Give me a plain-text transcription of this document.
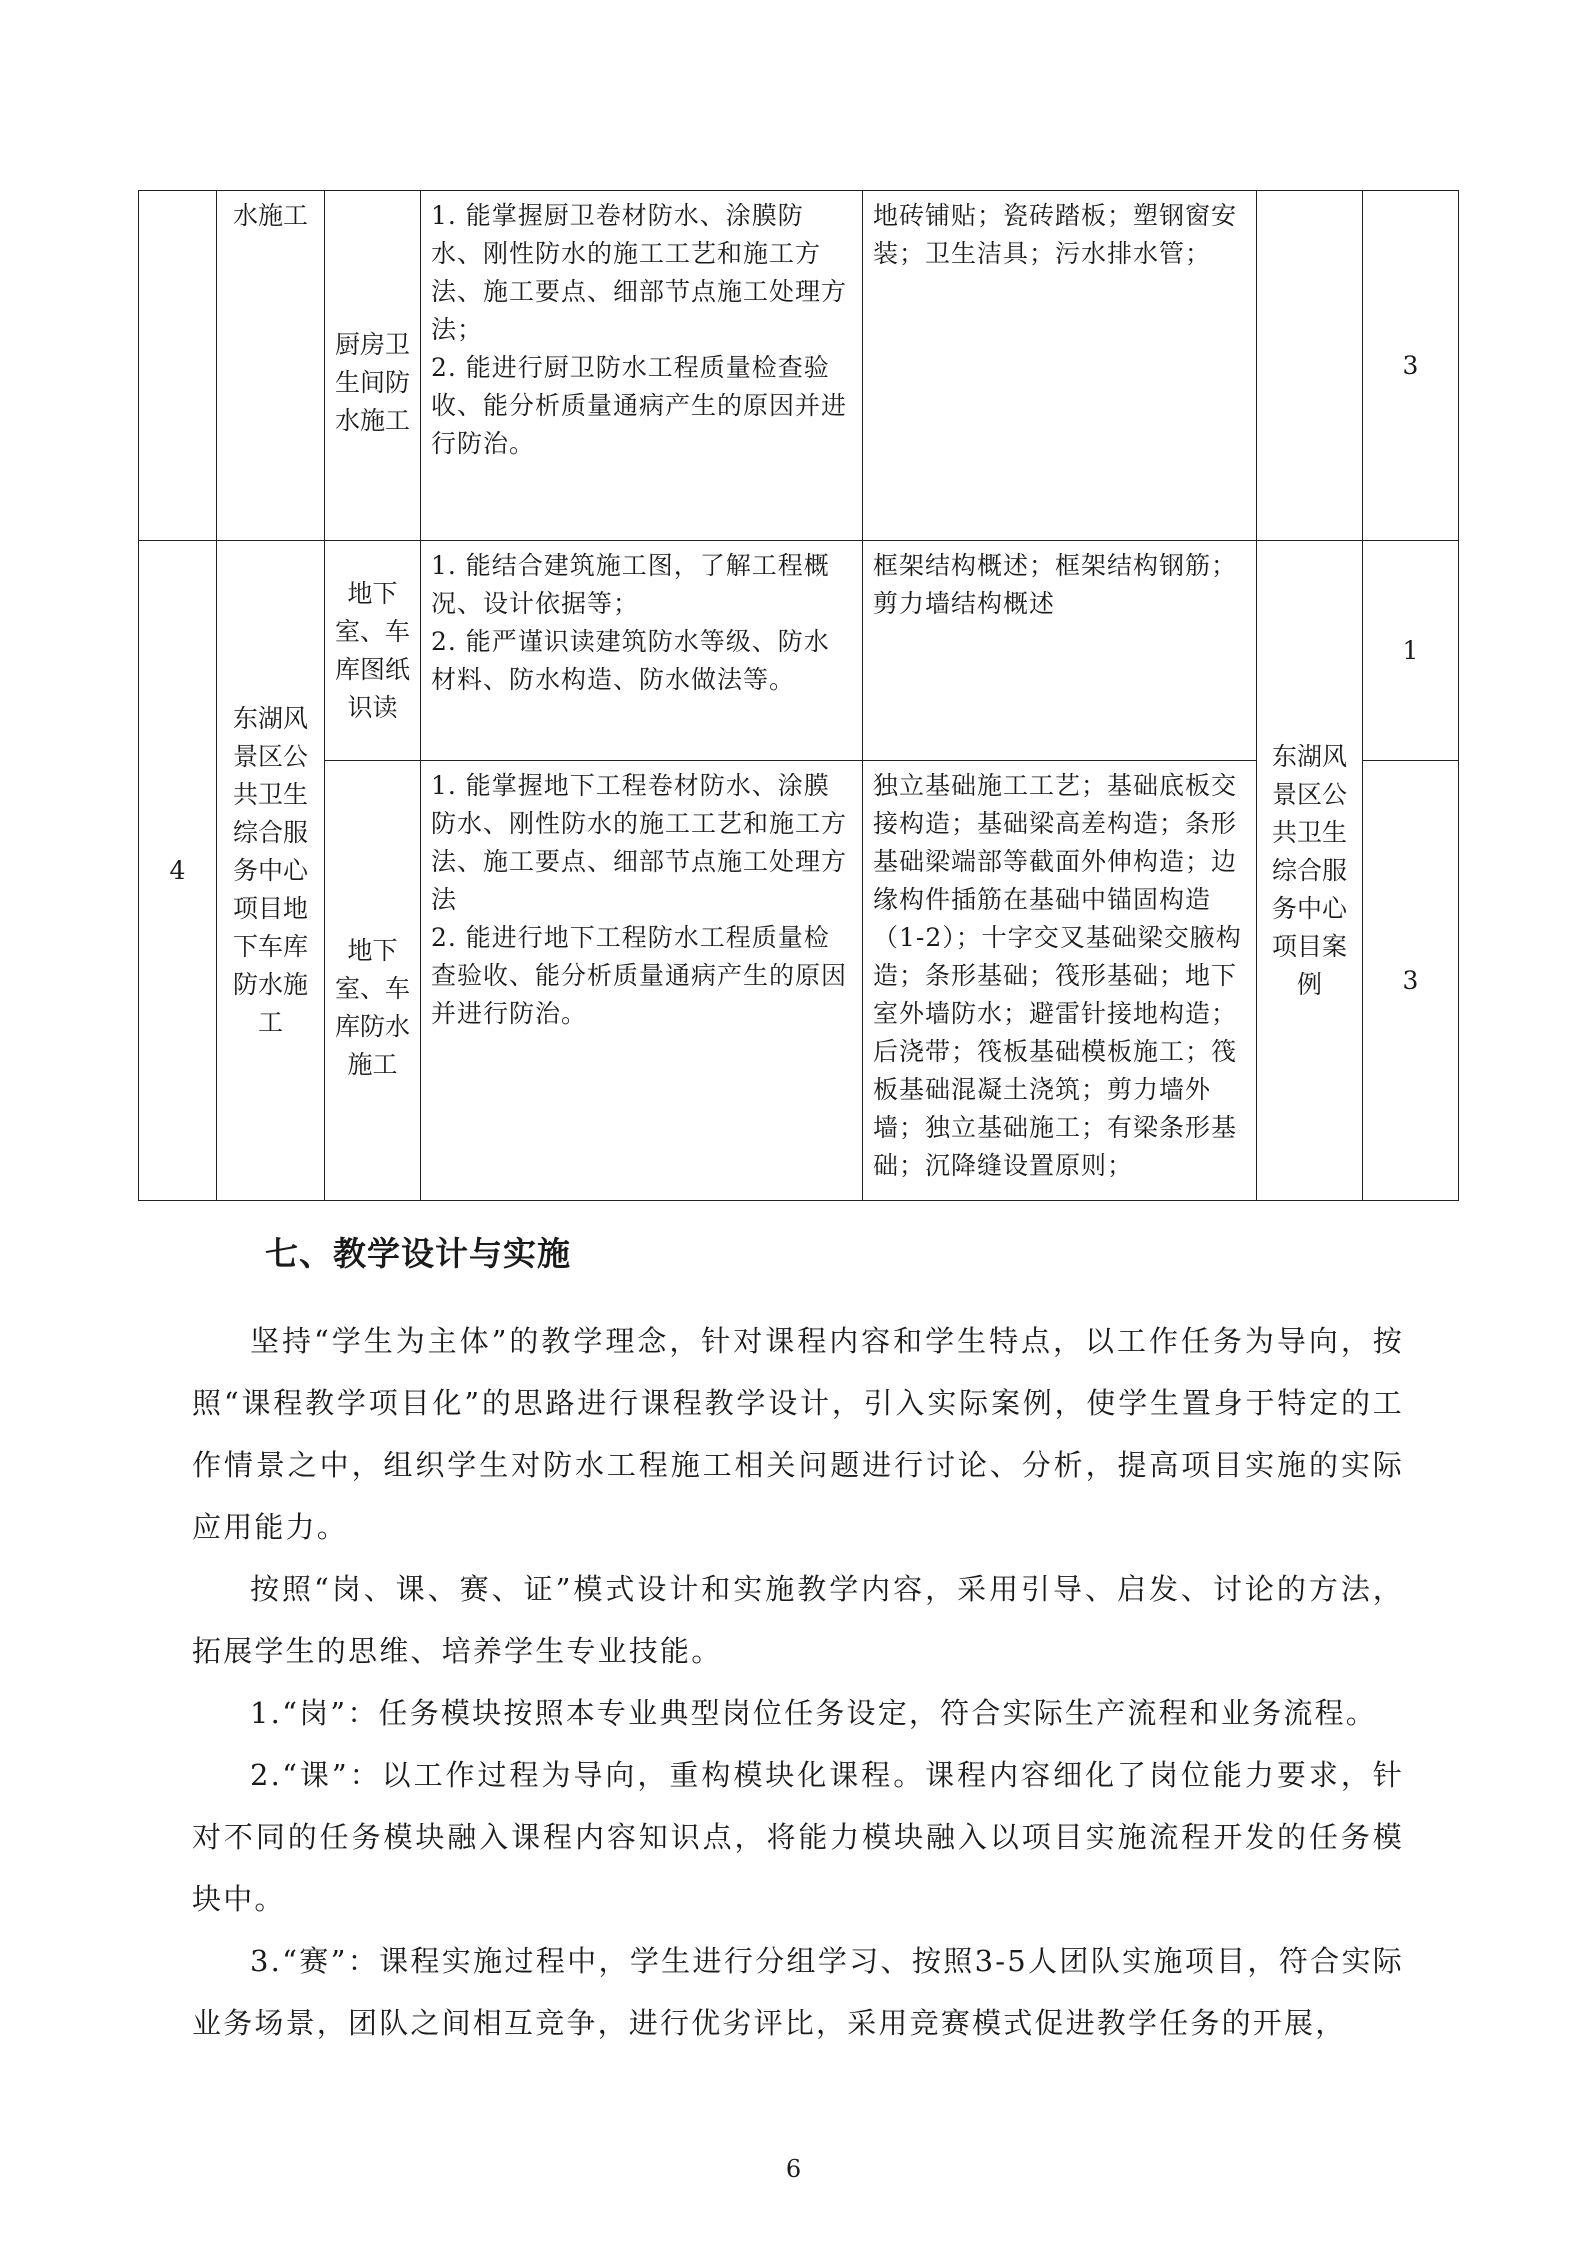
	水施工	厨房卫生间防水施工	1. 能掌握厨卫卷材防水、涂膜防水、刚性防水的施工工艺和施工方法、施工要点、细部节点施工处理方法；
2. 能进行厨卫防水工程质量检查验收、能分析质量通病产生的原因并进行防治。	地砖铺贴；瓷砖踏板；塑钢窗安装；卫生洁具；污水排水管；		3
4	东湖风景区公共卫生综合服务中心项目地下车库防水施工	地下室、车库图纸识读	1. 能结合建筑施工图，了解工程概况、设计依据等；
2. 能严谨识读建筑防水等级、防水材料、防水构造、防水做法等。	框架结构概述；框架结构钢筋；剪力墙结构概述	东湖风景区公共卫生综合服务中心项目案例	1
		地下室、车库防水施工	1. 能掌握地下工程卷材防水、涂膜防水、刚性防水的施工工艺和施工方法、施工要点、细部节点施工处理方法
2. 能进行地下工程防水工程质量检查验收、能分析质量通病产生的原因并进行防治。	独立基础施工工艺；基础底板交接构造；基础梁高差构造；条形基础梁端部等截面外伸构造；边缘构件插筋在基础中锚固构造（1-2）；十字交叉基础梁交腋构造；条形基础；筏形基础；地下室外墙防水；避雷针接地构造；后浇带；筏板基础模板施工；筏板基础混凝土浇筑；剪力墙外墙；独立基础施工；有梁条形基础；沉降缝设置原则；		3
七、教学设计与实施

坚持“学生为主体”的教学理念，针对课程内容和学生特点，以工作任务为导向，按照“课程教学项目化”的思路进行课程教学设计，引入实际案例，使学生置身于特定的工作情景之中，组织学生对防水工程施工相关问题进行讨论、分析，提高项目实施的实际应用能力。

按照“岗、课、赛、证”模式设计和实施教学内容，采用引导、启发、讨论的方法，拓展学生的思维、培养学生专业技能。

1.“岗”：任务模块按照本专业典型岗位任务设定，符合实际生产流程和业务流程。

2.“课”：以工作过程为导向，重构模块化课程。课程内容细化了岗位能力要求，针对不同的任务模块融入课程内容知识点，将能力模块融入以项目实施流程开发的任务模块中。

3.“赛”：课程实施过程中，学生进行分组学习、按照3-5人团队实施项目，符合实际业务场景，团队之间相互竞争，进行优劣评比，采用竞赛模式促进教学任务的开展，

6
